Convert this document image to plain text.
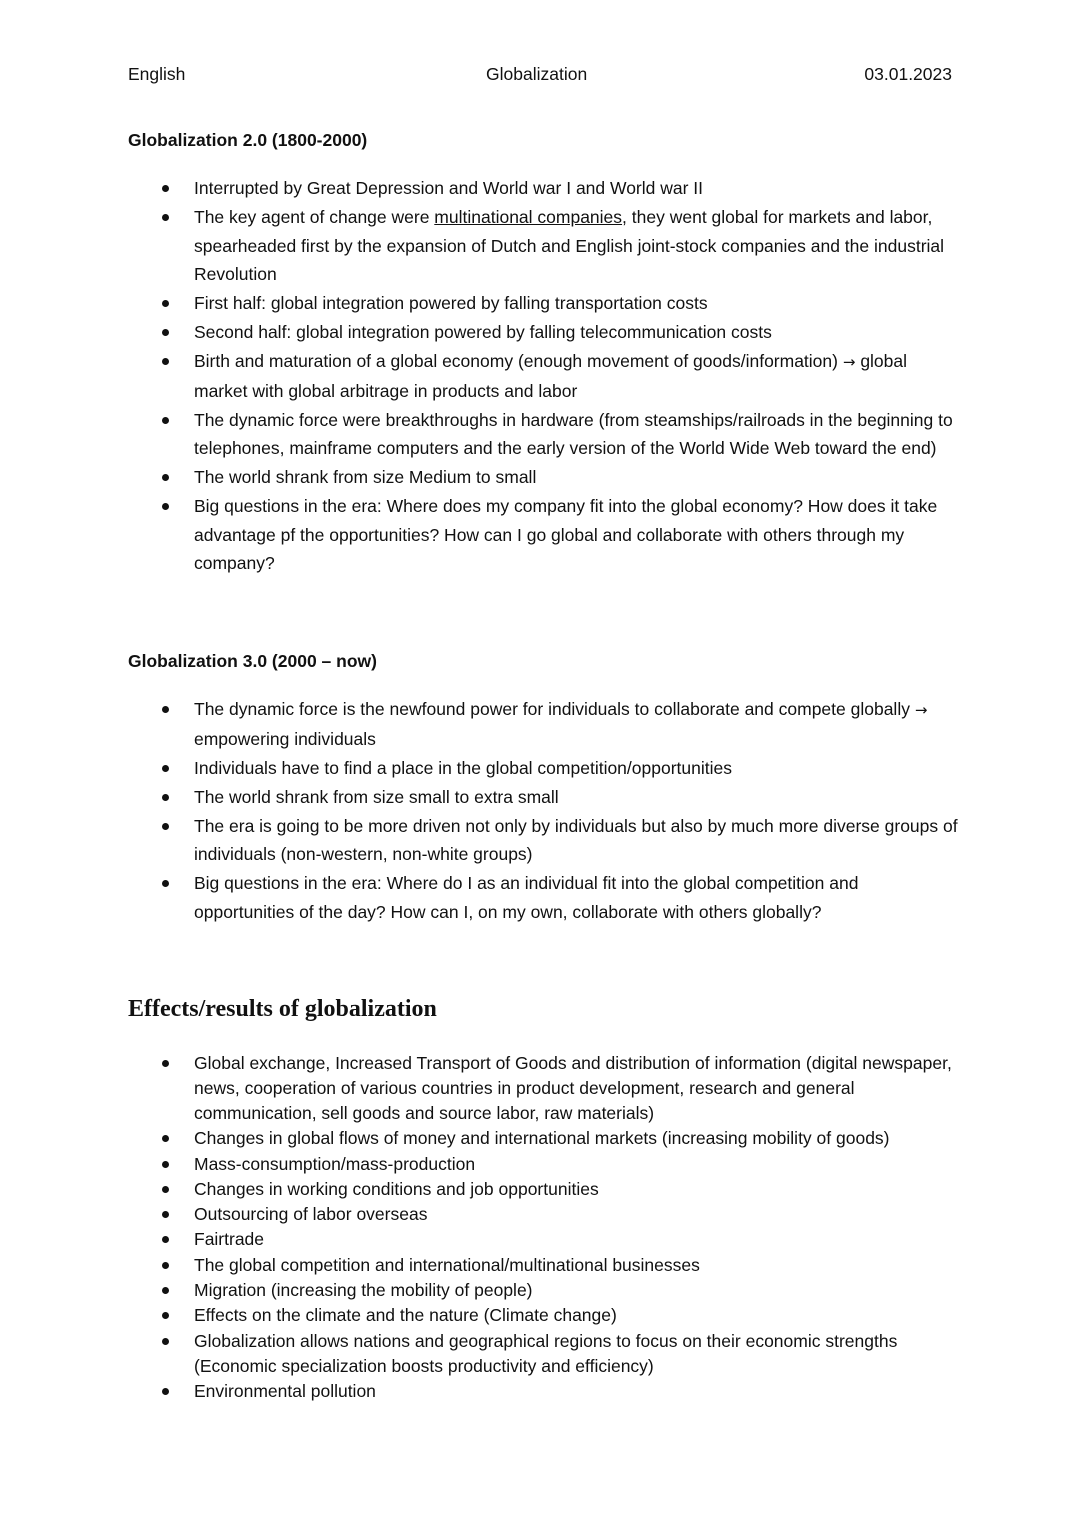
English	Globalization	03.01.2023
Globalization 2.0 (1800-2000)
Interrupted by Great Depression and World war I and World war II
The key agent of change were multinational companies, they went global for markets and labor, spearheaded first by the expansion of Dutch and English joint-stock companies and the industrial Revolution
First half: global integration powered by falling transportation costs
Second half: global integration powered by falling telecommunication costs
Birth and maturation of a global economy (enough movement of goods/information) → global market with global arbitrage in products and labor
The dynamic force were breakthroughs in hardware (from steamships/railroads in the beginning to telephones, mainframe computers and the early version of the World Wide Web toward the end)
The world shrank from size Medium to small
Big questions in the era: Where does my company fit into the global economy? How does it take advantage pf the opportunities? How can I go global and collaborate with others through my company?
Globalization 3.0 (2000 – now)
The dynamic force is the newfound power for individuals to collaborate and compete globally → empowering individuals
Individuals have to find a place in the global competition/opportunities
The world shrank from size small to extra small
The era is going to be more driven not only by individuals but also by much more diverse groups of individuals (non-western, non-white groups)
Big questions in the era: Where do I as an individual fit into the global competition and opportunities of the day? How can I, on my own, collaborate with others globally?
Effects/results of globalization
Global exchange, Increased Transport of Goods and distribution of information (digital newspaper, news, cooperation of various countries in product development, research and general communication, sell goods and source labor, raw materials)
Changes in global flows of money and international markets (increasing mobility of goods)
Mass-consumption/mass-production
Changes in working conditions and job opportunities
Outsourcing of labor overseas
Fairtrade
The global competition and international/multinational businesses
Migration (increasing the mobility of people)
Effects on the climate and the nature (Climate change)
Globalization allows nations and geographical regions to focus on their economic strengths (Economic specialization boosts productivity and efficiency)
Environmental pollution
